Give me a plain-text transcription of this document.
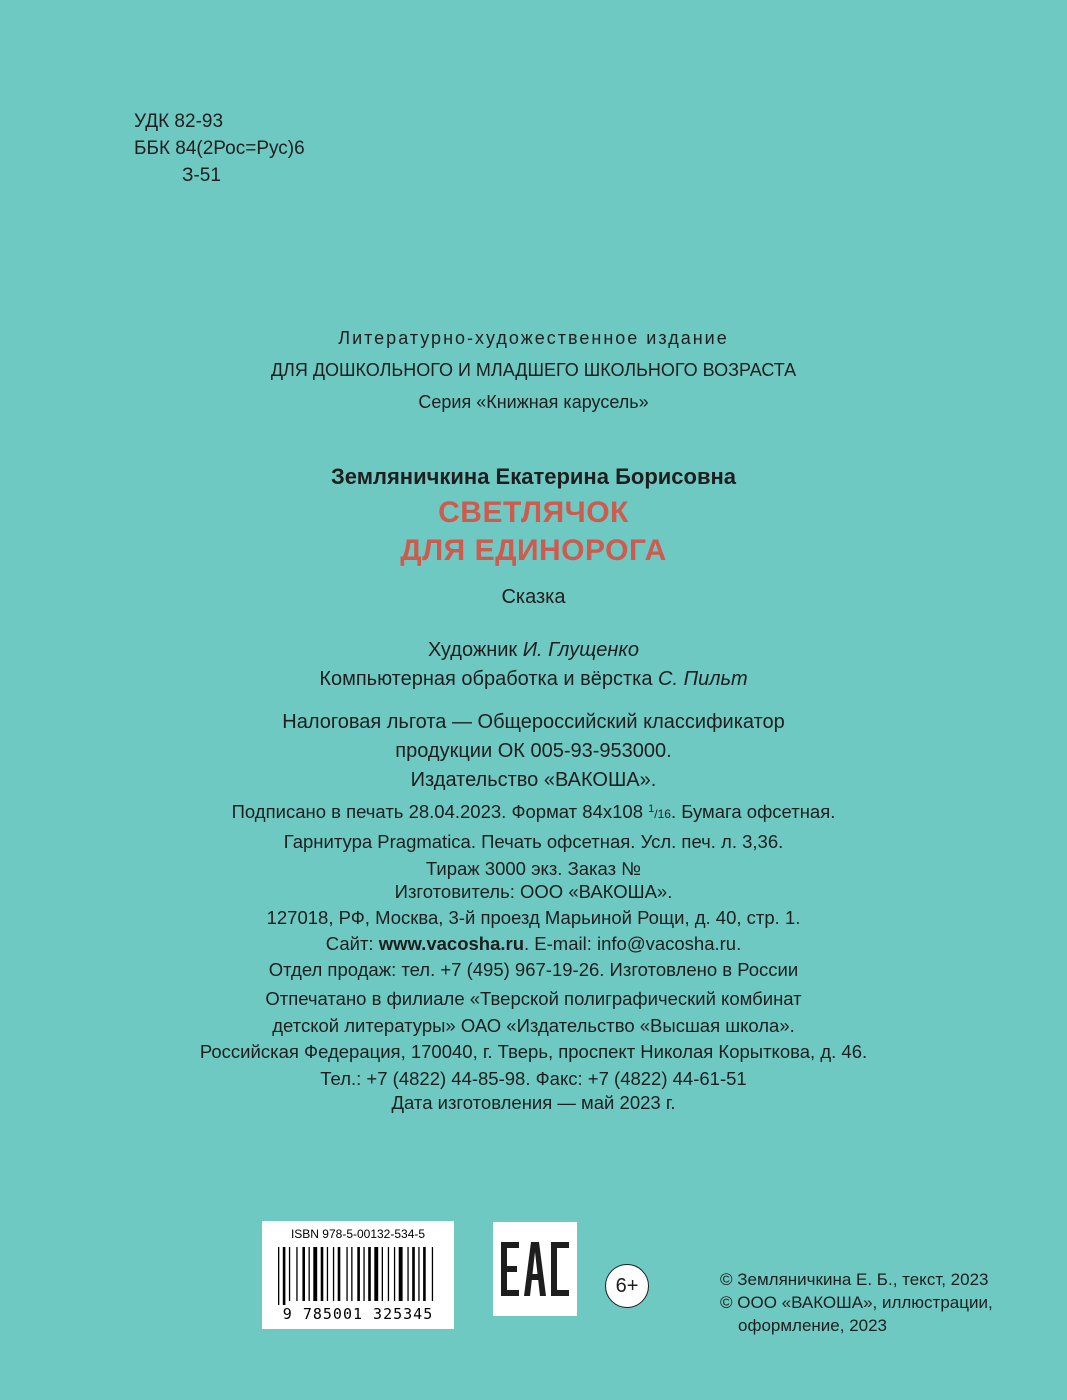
УДК 82-93
ББК 84(2Рос=Рус)6
З-51
Литературно-художественное издание
ДЛЯ ДОШКОЛЬНОГО И МЛАДШЕГО ШКОЛЬНОГО ВОЗРАСТА
Серия «Книжная карусель»
Земляничкина Екатерина Борисовна
СВЕТЛЯЧОК
ДЛЯ ЕДИНОРОГА
Сказка
Художник И. Глущенко
Компьютерная обработка и вёрстка С. Пильт
Налоговая льгота — Общероссийский классификатор
продукции ОК 005-93-953000.
Издательство «ВАКОША».
Подписано в печать 28.04.2023. Формат 84x108 $^1$/16. Бумага офсетная.
Гарнитура Pragmatica. Печать офсетная. Усл. печ. л. 3,36.
Тираж 3000 экз. Заказ №
Изготовитель: ООО «ВАКОША».
127018, РФ, Москва, 3-й проезд Марьиной Рощи, д. 40, стр. 1.
Сайт: www.vacosha.ru. E-mail: info@vacosha.ru.
Отдел продаж: тел. +7 (495) 967-19-26. Изготовлено в России
Отпечатано в филиале «Тверской полиграфический комбинат
детской литературы» ОАО «Издательство «Высшая школа».
Российская Федерация, 170040, г. Тверь, проспект Николая Корыткова, д. 46.
Тел.: +7 (4822) 44-85-98. Факс: +7 (4822) 44-61-51
Дата изготовления — май 2023 г.
ISBN 978-5-00132-534-5
9 785001 325345
6+	© Земляничкина Е. Б., текст, 2023
© ООО «ВАКОША», иллюстрации,
оформление, 2023
